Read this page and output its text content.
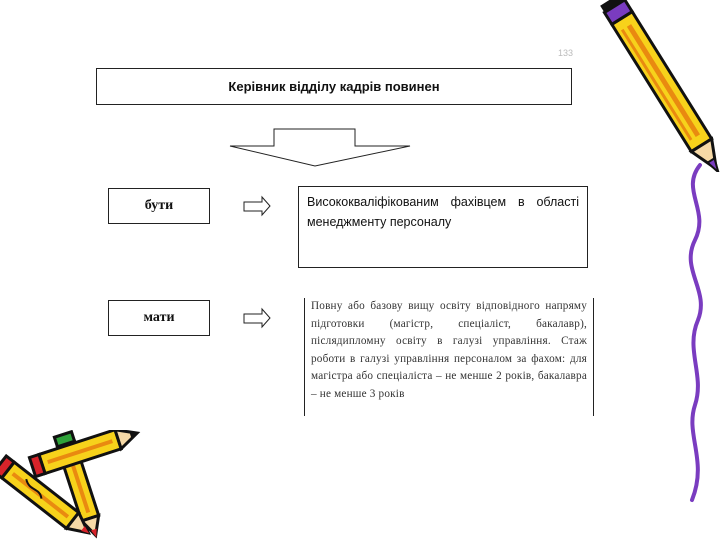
133
Керівник відділу кадрів повинен
бути	Висококваліфікованим фахівцем в області менеджменту персоналу
мати
Повну або базову вищу освіту відповідного напряму підготовки (магістр, спеціаліст, бакалавр), післядипломну освіту в галузі управління. Стаж роботи в галузі управління персоналом за фахом: для магістра або спеціаліста – не менше 2 років, бакалавра – не менше 3 років
